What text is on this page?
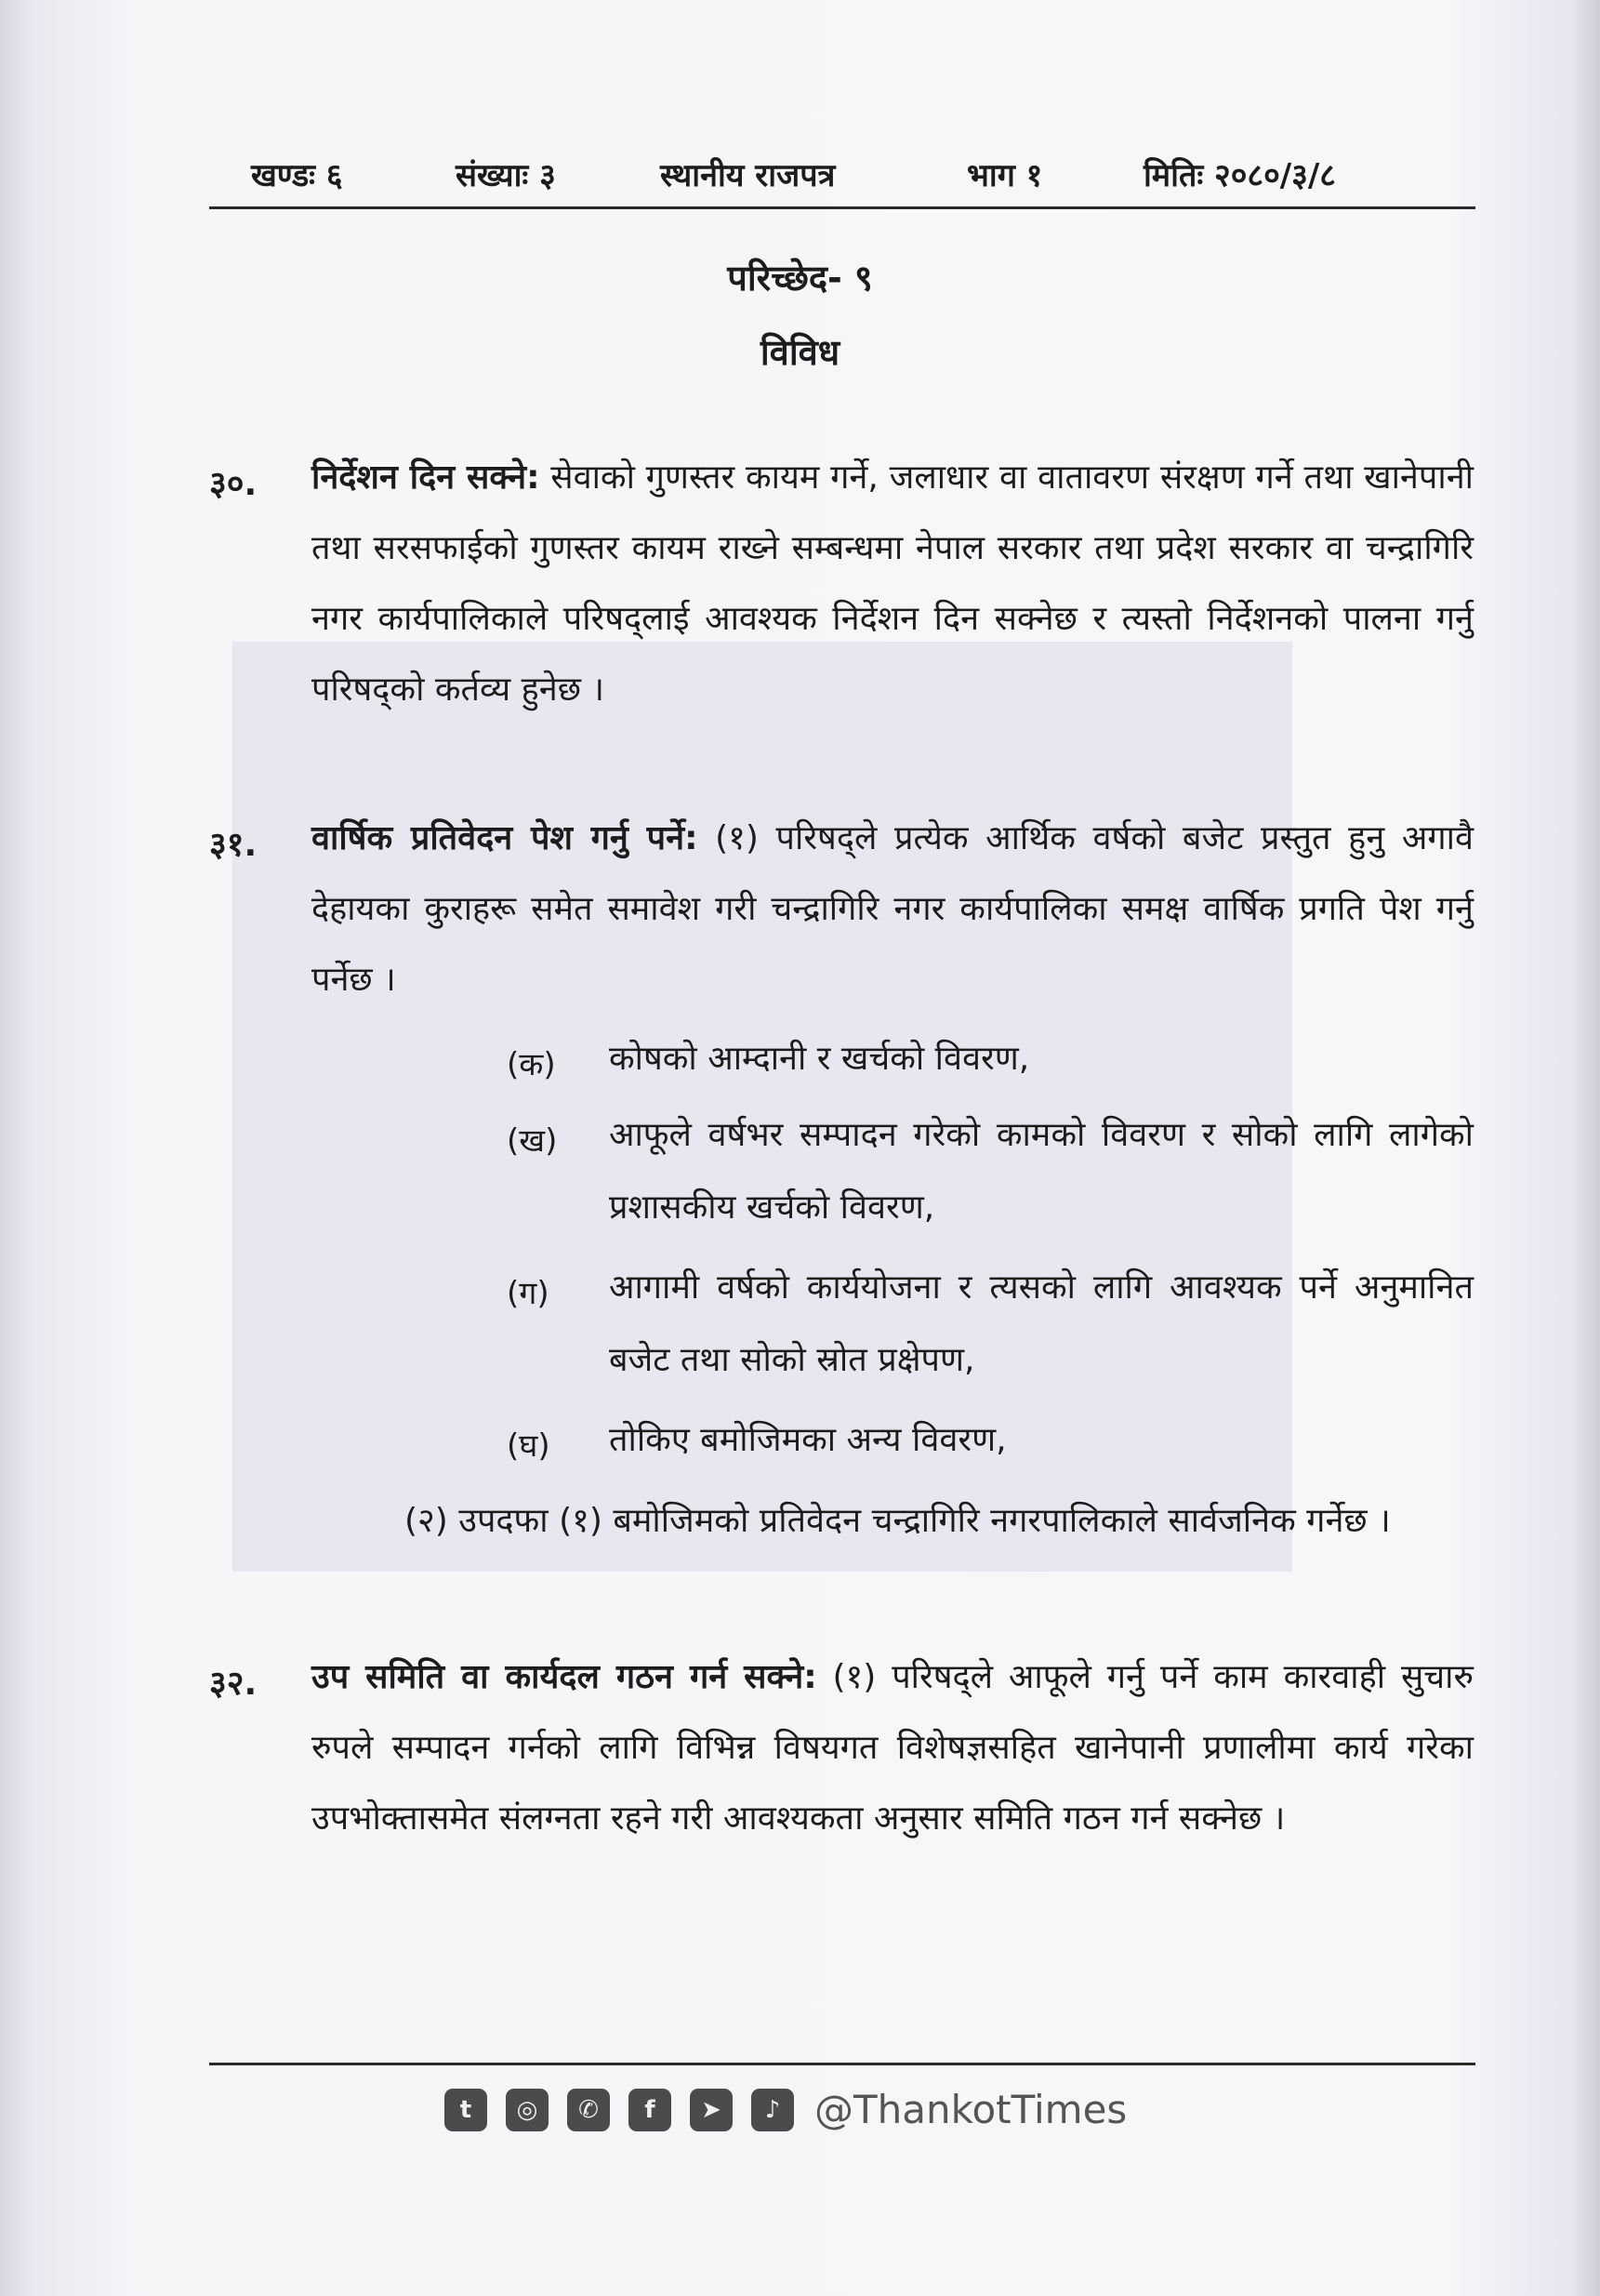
खण्डः ६	संख्याः ३	स्थानीय राजपत्र	भाग १	मितिः २०८०/३/८
परिच्छेद- ९
विविध
३०. निर्देशन दिन सक्ने: सेवाको गुणस्तर कायम गर्ने, जलाधार वा वातावरण संरक्षण गर्ने तथा खानेपानी तथा सरसफाईको गुणस्तर कायम राख्ने सम्बन्धमा नेपाल सरकार तथा प्रदेश सरकार वा चन्द्रागिरि नगर कार्यपालिकाले परिषद्‌लाई आवश्यक निर्देशन दिन सक्नेछ र त्यस्तो निर्देशनको पालना गर्नु परिषद्‌को कर्तव्य हुनेछ ।
३१. वार्षिक प्रतिवेदन पेश गर्नु पर्ने: (१) परिषद्‌ले प्रत्येक आर्थिक वर्षको बजेट प्रस्तुत हुनु अगावै देहायका कुराहरू समेत समावेश गरी चन्द्रागिरि नगर कार्यपालिका समक्ष वार्षिक प्रगति पेश गर्नु पर्नेछ ।
(क) कोषको आम्दानी र खर्चको विवरण,
(ख) आफूले वर्षभर सम्पादन गरेको कामको विवरण र सोको लागि लागेको प्रशासकीय खर्चको विवरण,
(ग) आगामी वर्षको कार्ययोजना र त्यसको लागि आवश्यक पर्ने अनुमानित बजेट तथा सोको स्रोत प्रक्षेपण,
(घ) तोकिए बमोजिमका अन्य विवरण,
(२) उपदफा (१) बमोजिमको प्रतिवेदन चन्द्रागिरि नगरपालिकाले सार्वजनिक गर्नेछ ।
३२. उप समिति वा कार्यदल गठन गर्न सक्ने: (१) परिषद्‌ले आफूले गर्नु पर्ने काम कारवाही सुचारु रुपले सम्पादन गर्नको लागि विभिन्न विषयगत विशेषज्ञसहित खानेपानी प्रणालीमा कार्य गरेका उपभोक्तासमेत संलग्नता रहने गरी आवश्यकता अनुसार समिति गठन गर्न सक्नेछ ।
t	◎	✆	f	➤	♪ @ThankotTimes
